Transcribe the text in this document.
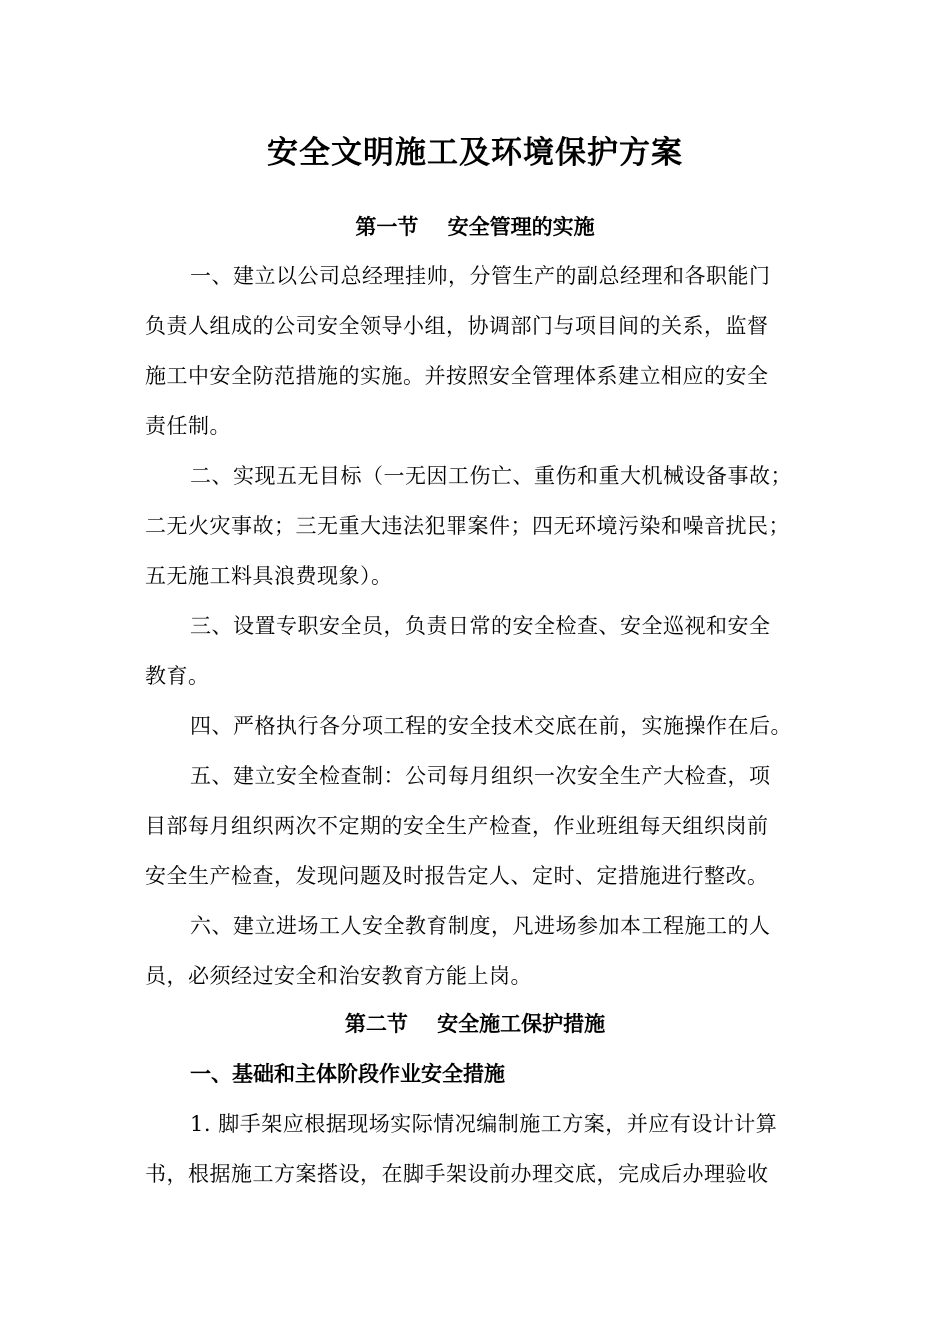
安全文明施工及环境保护方案
第一节    安全管理的实施
一、建立以公司总经理挂帅，分管生产的副总经理和各职能门
负责人组成的公司安全领导小组，协调部门与项目间的关系，监督
施工中安全防范措施的实施。并按照安全管理体系建立相应的安全
责任制。
二、实现五无目标（一无因工伤亡、重伤和重大机械设备事故；
二无火灾事故；三无重大违法犯罪案件；四无环境污染和噪音扰民；
五无施工料具浪费现象）。
三、设置专职安全员，负责日常的安全检查、安全巡视和安全
教育。
四、严格执行各分项工程的安全技术交底在前，实施操作在后。
五、建立安全检查制：公司每月组织一次安全生产大检查，项
目部每月组织两次不定期的安全生产检查，作业班组每天组织岗前
安全生产检查，发现问题及时报告定人、定时、定措施进行整改。
六、建立进场工人安全教育制度，凡进场参加本工程施工的人
员，必须经过安全和治安教育方能上岗。
第二节    安全施工保护措施
一、基础和主体阶段作业安全措施
1. 脚手架应根据现场实际情况编制施工方案，并应有设计计算
书，根据施工方案搭设，在脚手架设前办理交底，完成后办理验收
